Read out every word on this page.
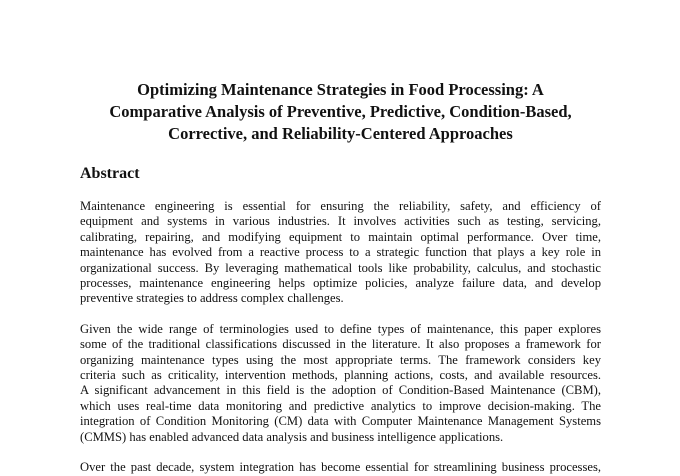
Optimizing Maintenance Strategies in Food Processing: A
Comparative Analysis of Preventive, Predictive, Condition-Based,
Corrective, and Reliability-Centered Approaches
Abstract

Maintenance engineering is essential for ensuring the reliability, safety, and efficiency of
equipment and systems in various industries. It involves activities such as testing, servicing,
calibrating, repairing, and modifying equipment to maintain optimal performance. Over time,
maintenance has evolved from a reactive process to a strategic function that plays a key role in
organizational success. By leveraging mathematical tools like probability, calculus, and stochastic
processes, maintenance engineering helps optimize policies, analyze failure data, and develop
preventive strategies to address complex challenges.

Given the wide range of terminologies used to define types of maintenance, this paper explores
some of the traditional classifications discussed in the literature. It also proposes a framework for
organizing maintenance types using the most appropriate terms. The framework considers key
criteria such as criticality, intervention methods, planning actions, costs, and available resources.
A significant advancement in this field is the adoption of Condition-Based Maintenance (CBM),
which uses real-time data monitoring and predictive analytics to improve decision-making. The
integration of Condition Monitoring (CM) data with Computer Maintenance Management Systems
(CMMS) has enabled advanced data analysis and business intelligence applications.

Over the past decade, system integration has become essential for streamlining business processes,
